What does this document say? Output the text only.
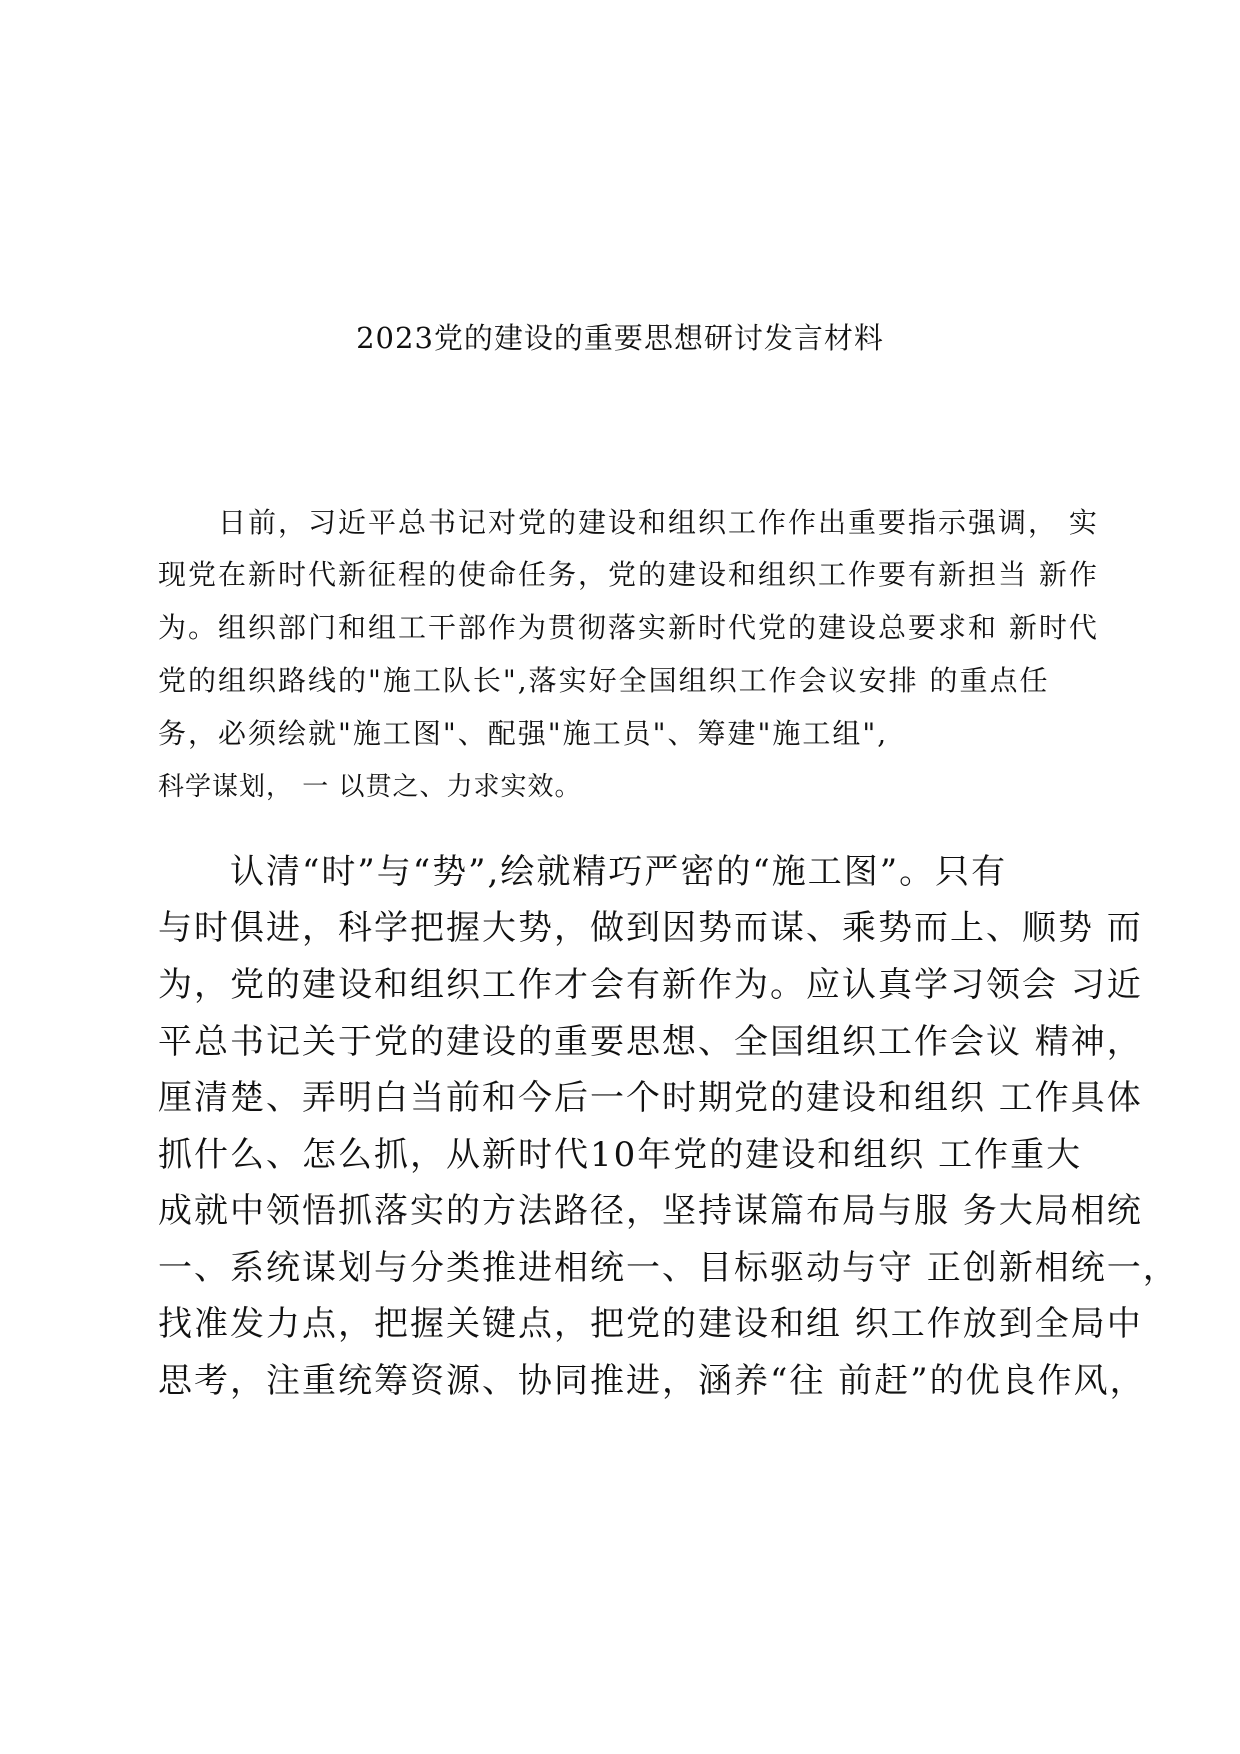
2023党的建设的重要思想研讨发言材料

　　日前，习近平总书记对党的建设和组织工作作出重要指示强调， 实

现党在新时代新征程的使命任务，党的建设和组织工作要有新担当 新作

为。组织部门和组工干部作为贯彻落实新时代党的建设总要求和 新时代

党的组织路线的"施工队长",落实好全国组织工作会议安排 的重点任

务，必须绘就"施工图"、配强"施工员"、筹建"施工组",

科学谋划， 一 以贯之、力求实效。

　　认清“时”与“势”,绘就精巧严密的“施工图”。只有

与时俱进，科学把握大势，做到因势而谋、乘势而上、顺势 而

为，党的建设和组织工作才会有新作为。应认真学习领会 习近

平总书记关于党的建设的重要思想、全国组织工作会议 精神，

厘清楚、弄明白当前和今后一个时期党的建设和组织 工作具体

抓什么、怎么抓，从新时代10年党的建设和组织 工作重大

成就中领悟抓落实的方法路径，坚持谋篇布局与服 务大局相统

一、系统谋划与分类推进相统一、目标驱动与守 正创新相统一，

找准发力点，把握关键点，把党的建设和组 织工作放到全局中

思考，注重统筹资源、协同推进，涵养“往 前赶”的优良作风，
